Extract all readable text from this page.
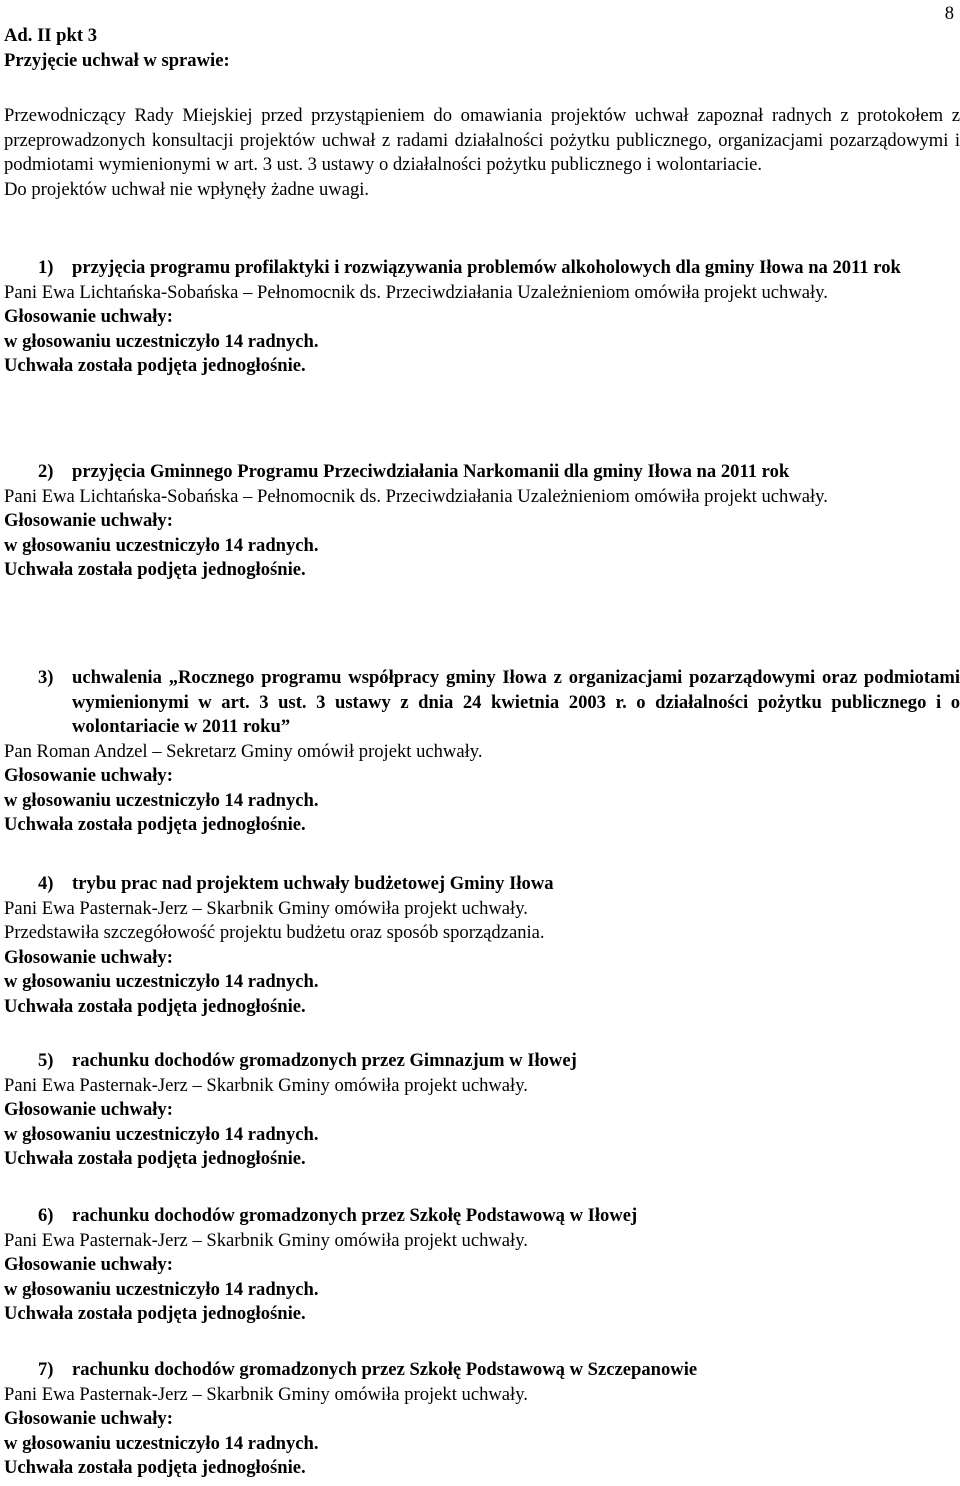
8
Ad. II pkt 3
Przyjęcie uchwał w sprawie:

Przewodniczący Rady Miejskiej przed przystąpieniem do omawiania projektów uchwał zapoznał radnych z protokołem z przeprowadzonych konsultacji projektów uchwał z radami działalności pożytku publicznego, organizacjami pozarządowymi i podmiotami wymienionymi w art. 3 ust. 3 ustawy o działalności pożytku publicznego i wolontariacie.

Do projektów uchwał nie wpłynęły żadne uwagi.

1) przyjęcia programu profilaktyki i rozwiązywania problemów alkoholowych dla gminy Iłowa na 2011 rok

Pani Ewa Lichtańska-Sobańska – Pełnomocnik ds. Przeciwdziałania Uzależnieniom omówiła projekt uchwały.

Głosowanie uchwały:

w głosowaniu uczestniczyło 14 radnych.

Uchwała została podjęta jednogłośnie.

2) przyjęcia Gminnego Programu Przeciwdziałania Narkomanii dla gminy Iłowa na 2011 rok

Pani Ewa Lichtańska-Sobańska – Pełnomocnik ds. Przeciwdziałania Uzależnieniom omówiła projekt uchwały.

Głosowanie uchwały:

w głosowaniu uczestniczyło 14 radnych.

Uchwała została podjęta jednogłośnie.

3) uchwalenia „Rocznego programu współpracy gminy Iłowa z organizacjami pozarządowymi oraz podmiotami wymienionymi w art. 3 ust. 3 ustawy z dnia 24 kwietnia 2003 r. o działalności pożytku publicznego i o wolontariacie w 2011 roku”

Pan Roman Andzel – Sekretarz Gminy omówił projekt uchwały.

Głosowanie uchwały:

w głosowaniu uczestniczyło 14 radnych.

Uchwała została podjęta jednogłośnie.

4) trybu prac nad projektem uchwały budżetowej Gminy Iłowa

Pani Ewa Pasternak-Jerz – Skarbnik Gminy omówiła projekt uchwały.

Przedstawiła szczegółowość projektu budżetu oraz sposób sporządzania.

Głosowanie uchwały:

w głosowaniu uczestniczyło 14 radnych.

Uchwała została podjęta jednogłośnie.

5) rachunku dochodów gromadzonych przez Gimnazjum w Iłowej

Pani Ewa Pasternak-Jerz – Skarbnik Gminy omówiła projekt uchwały.

Głosowanie uchwały:

w głosowaniu uczestniczyło 14 radnych.

Uchwała została podjęta jednogłośnie.

6) rachunku dochodów gromadzonych przez Szkołę Podstawową w Iłowej

Pani Ewa Pasternak-Jerz – Skarbnik Gminy omówiła projekt uchwały.

Głosowanie uchwały:

w głosowaniu uczestniczyło 14 radnych.

Uchwała została podjęta jednogłośnie.

7) rachunku dochodów gromadzonych przez Szkołę Podstawową w Szczepanowie

Pani Ewa Pasternak-Jerz – Skarbnik Gminy omówiła projekt uchwały.

Głosowanie uchwały:

w głosowaniu uczestniczyło 14 radnych.

Uchwała została podjęta jednogłośnie.
